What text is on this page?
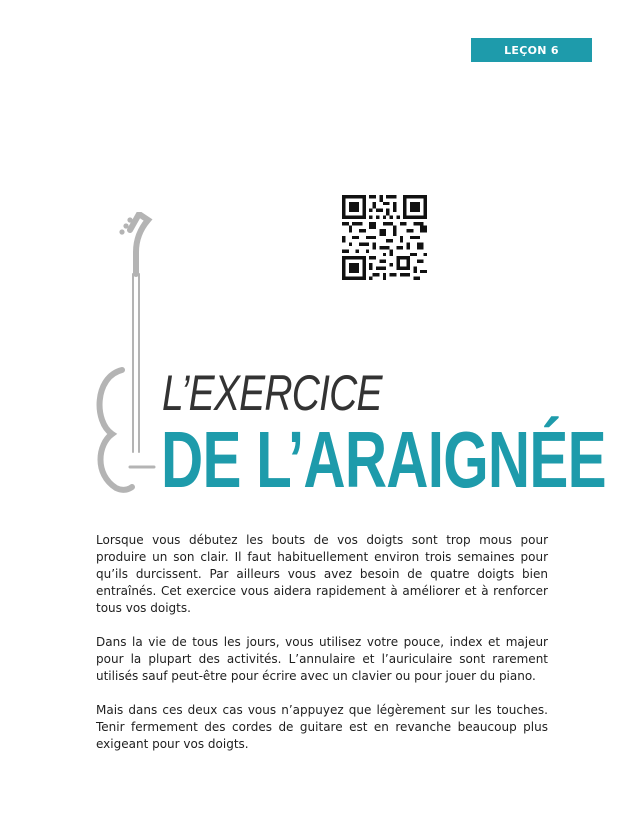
LEÇON 6
L’EXERCICE
DE L’ARAIGNÉE

Lorsque vous débutez les bouts de vos doigts sont trop mous pour produire un son clair. Il faut habituellement environ trois semaines pour qu’ils durcissent. Par ailleurs vous avez besoin de quatre doigts bien entraînés. Cet exercice vous aidera rapidement à améliorer et à renforcer tous vos doigts.

Dans la vie de tous les jours, vous utilisez votre pouce, index et majeur pour la plupart des activités. L’annulaire et l’auriculaire sont rarement utilisés sauf peut-être pour écrire avec un clavier ou pour jouer du piano.

Mais dans ces deux cas vous n’appuyez que légèrement sur les touches. Tenir fermement des cordes de guitare est en revanche beaucoup plus exigeant pour vos doigts.
